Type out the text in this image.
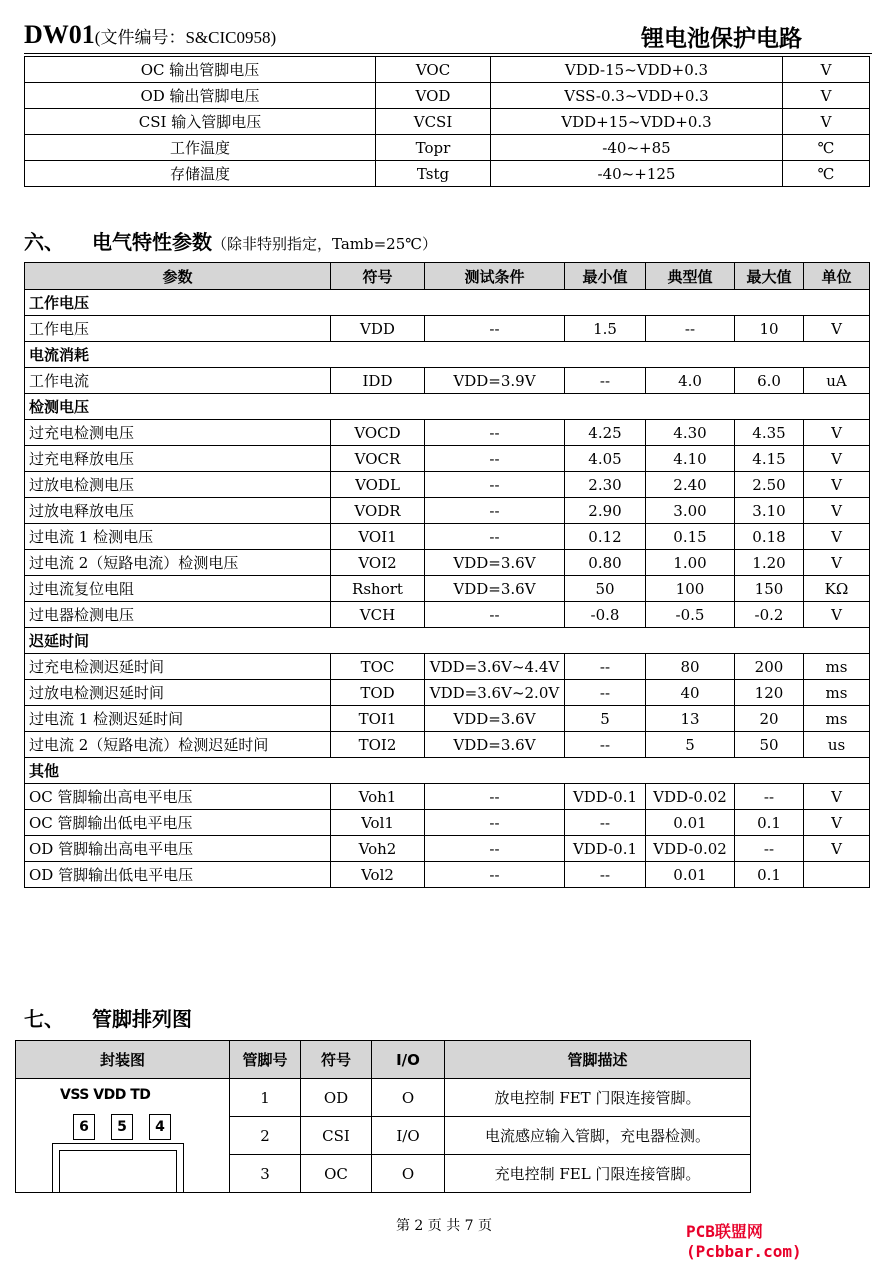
DW01(文件编号：S&CIC0958)	锂电池保护电路
OC 输出管脚电压	VOC	VDD-15~VDD+0.3	V
OD 输出管脚电压	VOD	VSS-0.3~VDD+0.3	V
CSI 输入管脚电压	VCSI	VDD+15~VDD+0.3	V
工作温度	Topr	-40~+85	℃
存储温度	Tstg	-40~+125	℃
六、 电气特性参数（除非特别指定，Tamb=25℃）
参数	符号	测试条件	最小值	典型值	最大值	单位
工作电压						
工作电压	VDD	--	1.5	--	10	V
电流消耗						
工作电流	IDD	VDD=3.9V	--	4.0	6.0	uA
检测电压						
过充电检测电压	VOCD	--	4.25	4.30	4.35	V
过充电释放电压	VOCR	--	4.05	4.10	4.15	V
过放电检测电压	VODL	--	2.30	2.40	2.50	V
过放电释放电压	VODR	--	2.90	3.00	3.10	V
过电流 1 检测电压	VOI1	--	0.12	0.15	0.18	V
过电流 2（短路电流）检测电压	VOI2	VDD=3.6V	0.80	1.00	1.20	V
过电流复位电阻	Rshort	VDD=3.6V	50	100	150	KΩ
过电器检测电压	VCH	--	-0.8	-0.5	-0.2	V
迟延时间						
过充电检测迟延时间	TOC	VDD=3.6V~4.4V	--	80	200	ms
过放电检测迟延时间	TOD	VDD=3.6V~2.0V	--	40	120	ms
过电流 1 检测迟延时间	TOI1	VDD=3.6V	5	13	20	ms
过电流 2（短路电流）检测迟延时间	TOI2	VDD=3.6V	--	5	50	us
其他						
OC 管脚输出高电平电压	Voh1	--	VDD-0.1	VDD-0.02	--	V
OC 管脚输出低电平电压	Vol1	--	--	0.01	0.1	V
OD 管脚输出高电平电压	Voh2	--	VDD-0.1	VDD-0.02	--	V
OD 管脚输出低电平电压	Vol2	--	--	0.01	0.1	
七、 管脚排列图
封装图	管脚号	符号	I/O	管脚描述

VSS VDD TD
6 5 4	1	OD	O	放电控制 FET 门限连接管脚。
	2	CSI	I/O	电流感应输入管脚，充电器检测。
	3	OC	O	充电控制 FEL 门限连接管脚。
第 2 页 共 7 页	PCB联盟网 (Pcbbar.com)
